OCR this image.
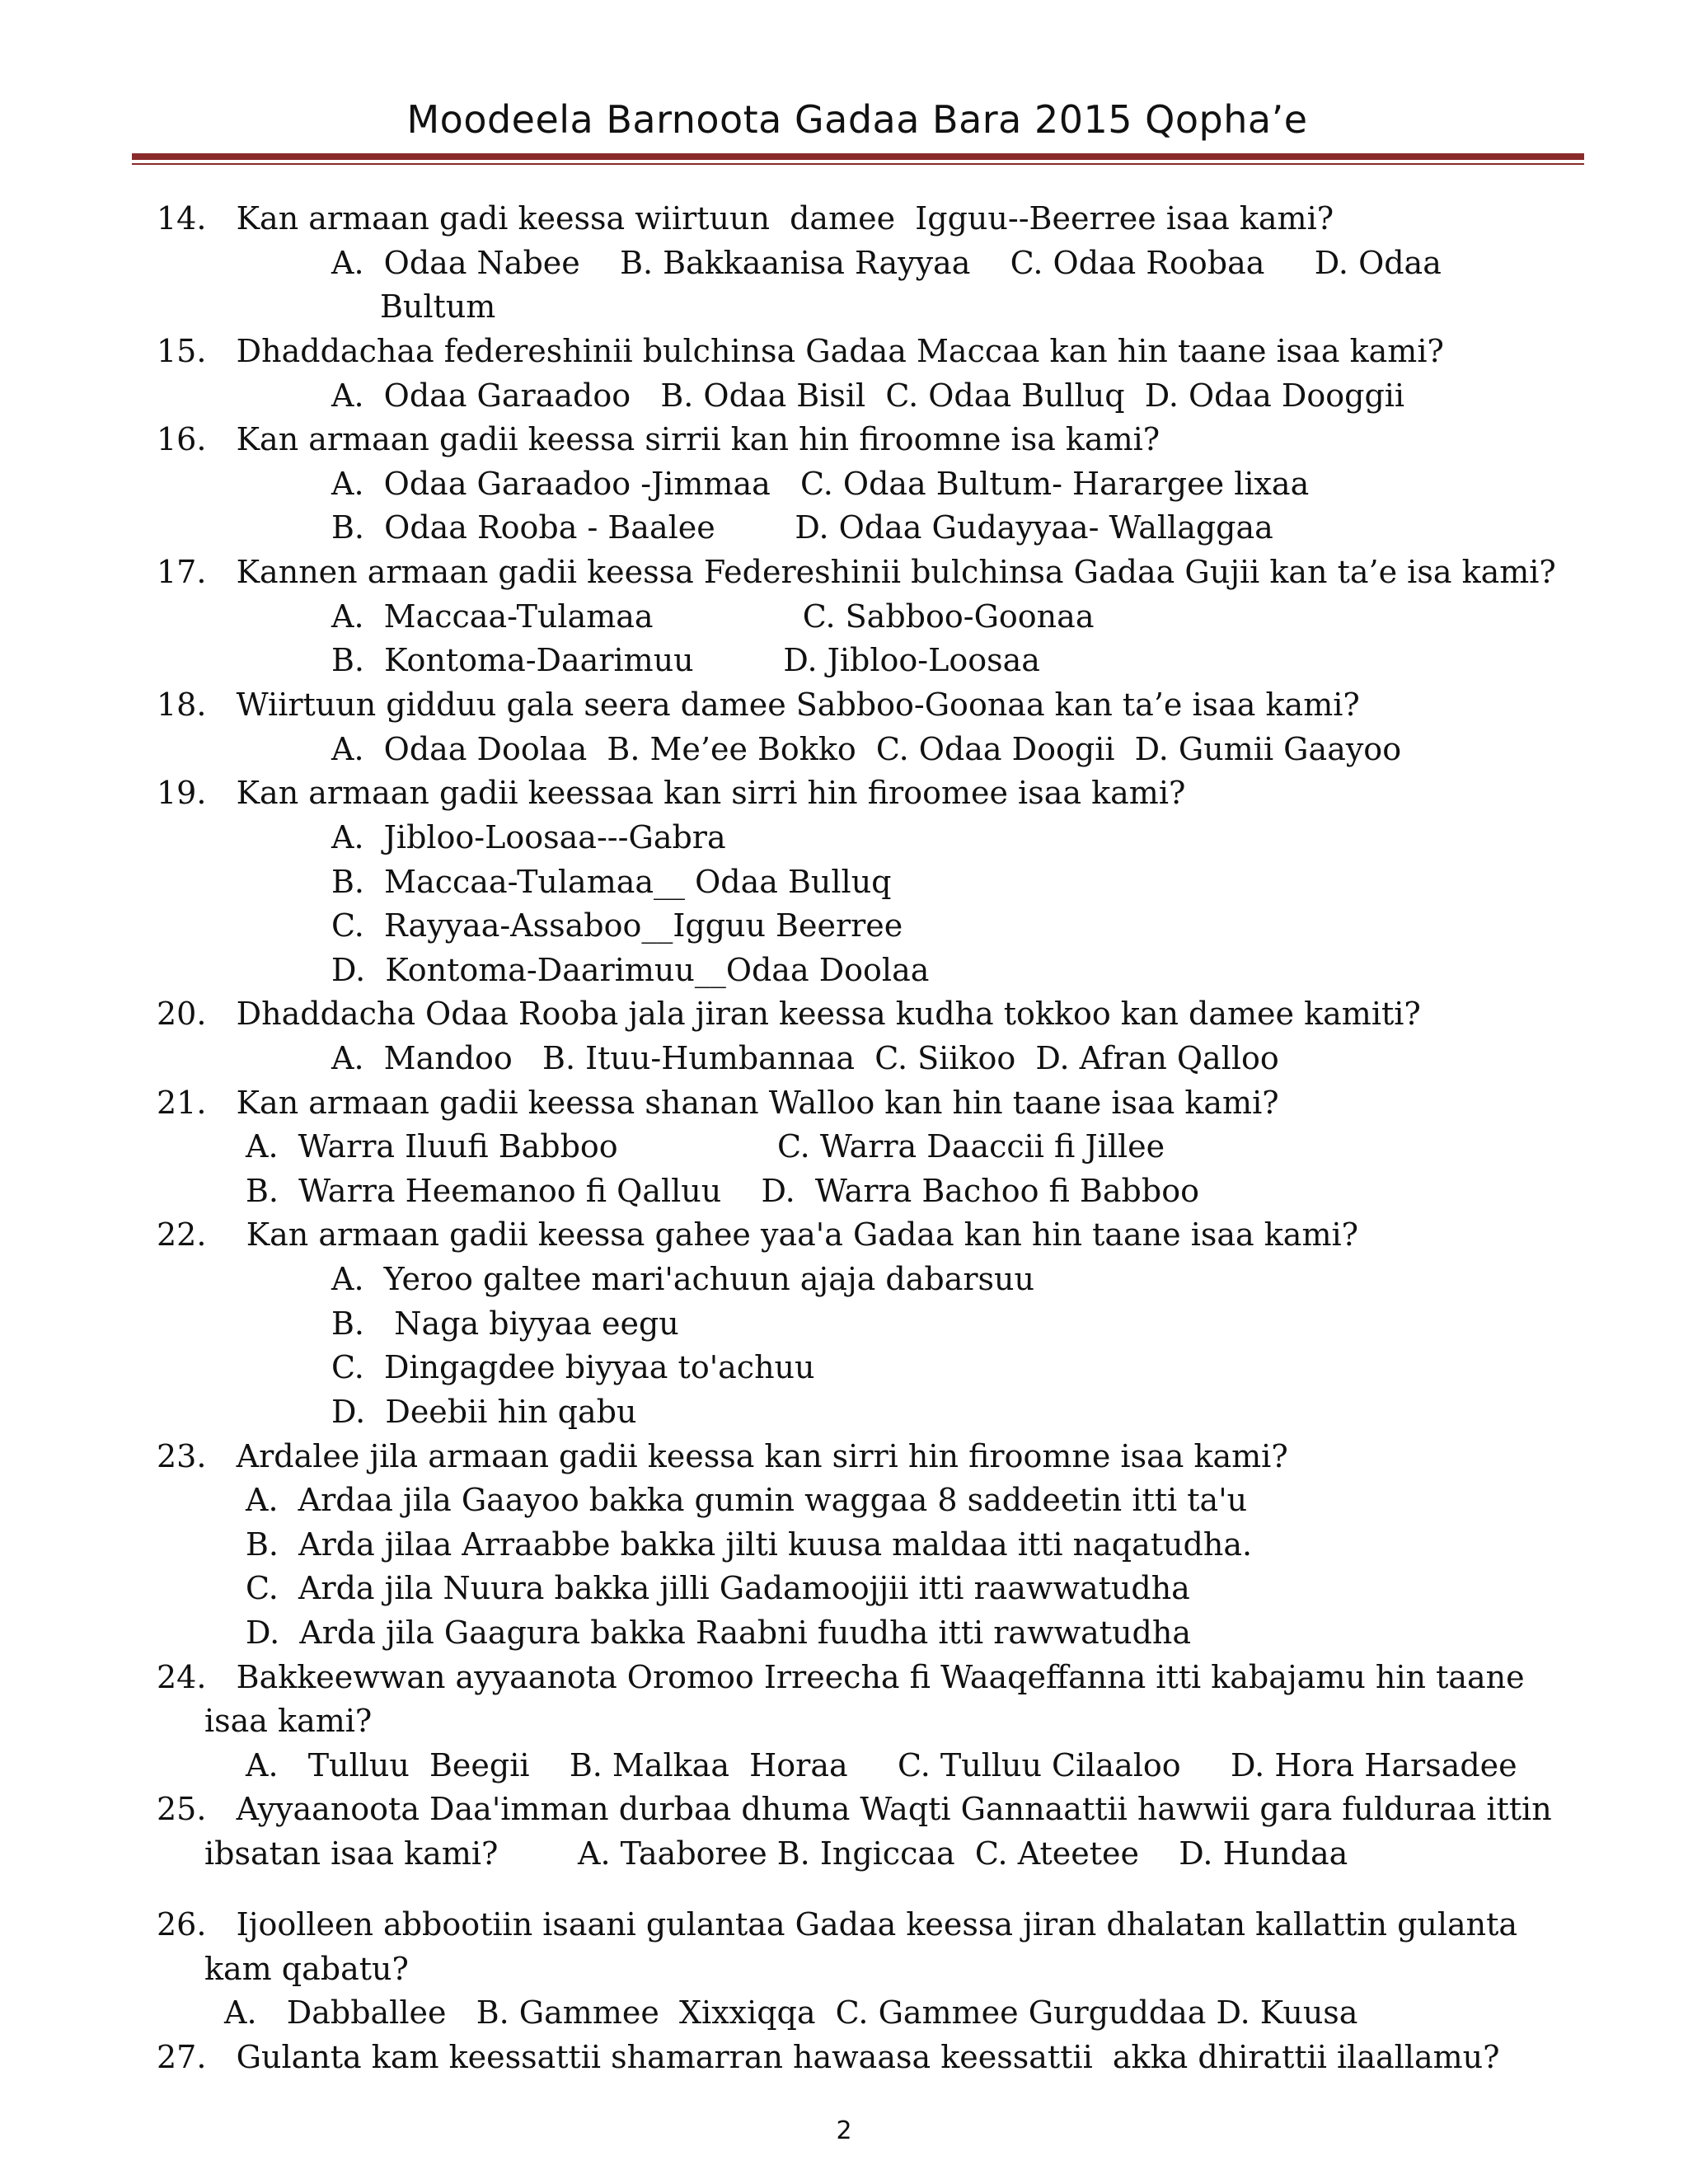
Moodeela Barnoota Gadaa Bara 2015 Qopha’e
14.   Kan armaan gadi keessa wiirtuun  damee  Igguu--Beerree isaa kami?
A.  Odaa Nabee    B. Bakkaanisa Rayyaa    C. Odaa Roobaa     D. Odaa
Bultum
15.   Dhaddachaa federeshinii bulchinsa Gadaa Maccaa kan hin taane isaa kami?
A.  Odaa Garaadoo   B. Odaa Bisil  C. Odaa Bulluq  D. Odaa Dooggii
16.   Kan armaan gadii keessa sirrii kan hin firoomne isa kami?
A.  Odaa Garaadoo -Jimmaa   C. Odaa Bultum- Harargee lixaa
B.  Odaa Rooba - Baalee        D. Odaa Gudayyaa- Wallaggaa
17.   Kannen armaan gadii keessa Federeshinii bulchinsa Gadaa Gujii kan ta’e isa kami?
A.  Maccaa-Tulamaa               C. Sabboo-Goonaa
B.  Kontoma-Daarimuu         D. Jibloo-Loosaa
18.   Wiirtuun gidduu gala seera damee Sabboo-Goonaa kan ta’e isaa kami?
A.  Odaa Doolaa  B. Me’ee Bokko  C. Odaa Doogii  D. Gumii Gaayoo
19.   Kan armaan gadii keessaa kan sirri hin firoomee isaa kami?
A.  Jibloo-Loosaa---Gabra
B.  Maccaa-Tulamaa__ Odaa Bulluq
C.  Rayyaa-Assaboo__Igguu Beerree
D.  Kontoma-Daarimuu__Odaa Doolaa
20.   Dhaddacha Odaa Rooba jala jiran keessa kudha tokkoo kan damee kamiti?
A.  Mandoo   B. Ituu-Humbannaa  C. Siikoo  D. Afran Qalloo
21.   Kan armaan gadii keessa shanan Walloo kan hin taane isaa kami?
A.  Warra Iluufi Babboo                C. Warra Daaccii fi Jillee
B.  Warra Heemanoo fi Qalluu    D.  Warra Bachoo fi Babboo
22.    Kan armaan gadii keessa gahee yaa'a Gadaa kan hin taane isaa kami?
A.  Yeroo galtee mari'achuun ajaja dabarsuu
B.   Naga biyyaa eegu
C.  Dingagdee biyyaa to'achuu
D.  Deebii hin qabu
23.   Ardalee jila armaan gadii keessa kan sirri hin firoomne isaa kami?
A.  Ardaa jila Gaayoo bakka gumin waggaa 8 saddeetin itti ta'u
B.  Arda jilaa Arraabbe bakka jilti kuusa maldaa itti naqatudha.
C.  Arda jila Nuura bakka jilli Gadamoojjii itti raawwatudha
D.  Arda jila Gaagura bakka Raabni fuudha itti rawwatudha
24.   Bakkeewwan ayyaanota Oromoo Irreecha fi Waaqeffanna itti kabajamu hin taane
isaa kami?
A.   Tulluu  Beegii    B. Malkaa  Horaa     C. Tulluu Cilaaloo     D. Hora Harsadee
25.   Ayyaanoota Daa'imman durbaa dhuma Waqti Gannaattii hawwii gara fulduraa ittin
ibsatan isaa kami?        A. Taaboree B. Ingiccaa  C. Ateetee    D. Hundaa
26.   Ijoolleen abbootiin isaani gulantaa Gadaa keessa jiran dhalatan kallattin gulanta
kam qabatu?
A.   Dabballee   B. Gammee  Xixxiqqa  C. Gammee Gurguddaa D. Kuusa
27.   Gulanta kam keessattii shamarran hawaasa keessattii  akka dhirattii ilaallamu?
2
